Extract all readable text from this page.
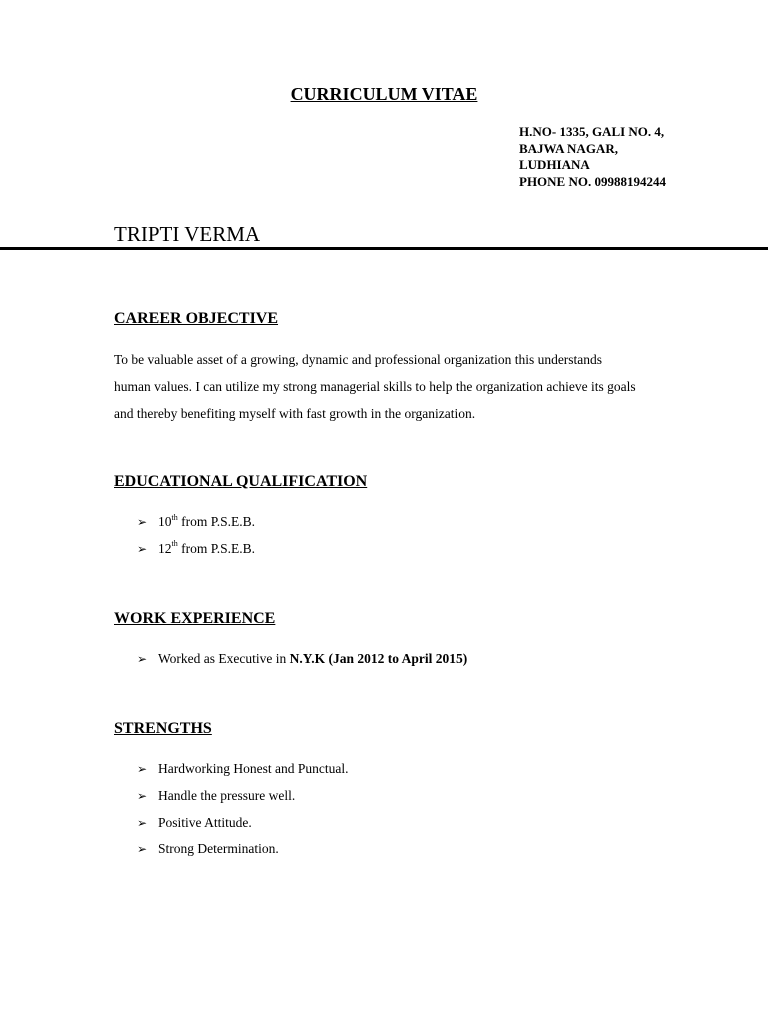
CURRICULUM VITAE
H.NO- 1335, GALI NO. 4,
BAJWA NAGAR,
LUDHIANA
PHONE NO. 09988194244
TRIPTI VERMA
CAREER OBJECTIVE
To be valuable asset of a growing, dynamic and professional organization this understands
human values. I can utilize my strong managerial skills to help the organization achieve its goals
and thereby benefiting myself with fast growth in the organization.
EDUCATIONAL QUALIFICATION
➢ 10th from P.S.E.B.
➢ 12th from P.S.E.B.
WORK EXPERIENCE
➢ Worked as Executive in N.Y.K (Jan 2012 to April 2015)
STRENGTHS
➢ Hardworking Honest and Punctual.
➢ Handle the pressure well.
➢ Positive Attitude.
➢ Strong Determination.
